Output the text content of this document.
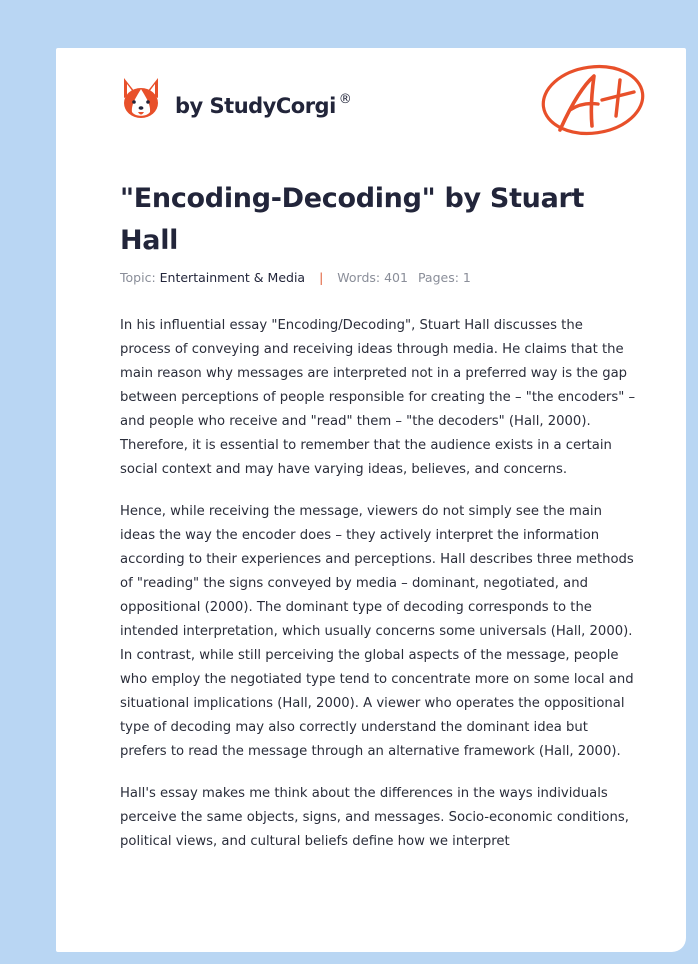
by StudyCorgi ®
"Encoding-Decoding" by Stuart Hall
Topic: Entertainment & Media | Words: 401 Pages: 1

In his influential essay "Encoding/Decoding", Stuart Hall discusses the process of conveying and receiving ideas through media. He claims that the main reason why messages are interpreted not in a preferred way is the gap between perceptions of people responsible for creating the – "the encoders" – and people who receive and "read" them – "the decoders" (Hall, 2000). Therefore, it is essential to remember that the audience exists in a certain social context and may have varying ideas, believes, and concerns.

Hence, while receiving the message, viewers do not simply see the main ideas the way the encoder does – they actively interpret the information according to their experiences and perceptions. Hall describes three methods of "reading" the signs conveyed by media – dominant, negotiated, and oppositional (2000). The dominant type of decoding corresponds to the intended interpretation, which usually concerns some universals (Hall, 2000). In contrast, while still perceiving the global aspects of the message, people who employ the negotiated type tend to concentrate more on some local and situational implications (Hall, 2000). A viewer who operates the oppositional type of decoding may also correctly understand the dominant idea but prefers to read the message through an alternative framework (Hall, 2000).

Hall's essay makes me think about the differences in the ways individuals perceive the same objects, signs, and messages. Socio-economic conditions, political views, and cultural beliefs define how we interpret
